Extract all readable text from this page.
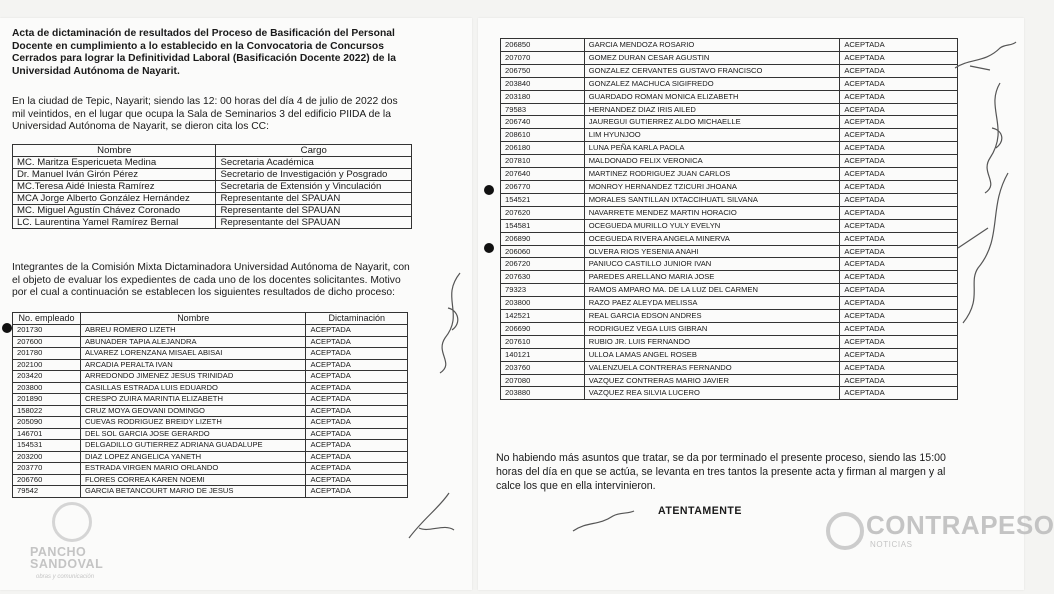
Acta de dictaminación de resultados del Proceso de Basificación del Personal Docente en cumplimiento a lo establecido en la Convocatoria de Concursos Cerrados para lograr la Definitividad Laboral (Basificación Docente 2022) de la Universidad Autónoma de Nayarit.

En la ciudad de Tepic, Nayarit; siendo las 12: 00 horas del día 4 de julio de 2022 dos mil veintidos, en el lugar que ocupa la Sala de Seminarios 3 del edificio PIIDA de la Universidad Autónoma de Nayarit, se dieron cita los CC:

Nombre	Cargo
MC. Maritza Espericueta Medina	Secretaria Académica
Dr. Manuel Iván Girón Pérez	Secretario de Investigación y Posgrado
MC.Teresa Aidé Iniesta Ramírez	Secretaria de Extensión y Vinculación
MCA Jorge Alberto González Hernández	Representante del SPAUAN
MC. Miguel Agustín Chávez Coronado	Representante del SPAUAN
LC. Laurentina Yamel Ramírez Bernal	Representante del SPAUAN

Integrantes de la Comisión Mixta Dictaminadora Universidad Autónoma de Nayarit, con el objeto de evaluar los expedientes de cada uno de los docentes solicitantes. Motivo por el cual a continuación se establecen los siguientes resultados de dicho proceso:

No. empleado	Nombre	Dictaminación
201730	ABREU ROMERO LIZETH	ACEPTADA
207600	ABUNADER TAPIA ALEJANDRA	ACEPTADA
201780	ALVAREZ LORENZANA MISAEL ABISAI	ACEPTADA
202100	ARCADIA PERALTA IVAN	ACEPTADA
203420	ARREDONDO JIMENEZ JESUS TRINIDAD	ACEPTADA
203800	CASILLAS ESTRADA LUIS EDUARDO	ACEPTADA
201890	CRESPO ZUIRA MARINTIA ELIZABETH	ACEPTADA
158022	CRUZ MOYA GEOVANI DOMINGO	ACEPTADA
205090	CUEVAS RODRIGUEZ BREIDY LIZETH	ACEPTADA
146701	DEL SOL GARCIA JOSE GERARDO	ACEPTADA
154531	DELGADILLO GUTIERREZ ADRIANA GUADALUPE	ACEPTADA
203200	DIAZ LOPEZ ANGELICA YANETH	ACEPTADA
203770	ESTRADA VIRGEN MARIO ORLANDO	ACEPTADA
206760	FLORES CORREA KAREN NOEMI	ACEPTADA
79542	GARCIA BETANCOURT MARIO DE JESUS	ACEPTADA
PANCHO
SANDOVAL
obras y comunicación
206850	GARCIA MENDOZA ROSARIO	ACEPTADA
207070	GOMEZ DURAN CESAR AGUSTIN	ACEPTADA
206750	GONZALEZ CERVANTES GUSTAVO FRANCISCO	ACEPTADA
203840	GONZALEZ MACHUCA SIGIFREDO	ACEPTADA
203180	GUARDADO ROMAN MONICA ELIZABETH	ACEPTADA
79583	HERNANDEZ DIAZ IRIS AILED	ACEPTADA
206740	JAUREGUI GUTIERREZ ALDO MICHAELLE	ACEPTADA
208610	LIM HYUNJOO	ACEPTADA
206180	LUNA PEÑA KARLA PAOLA	ACEPTADA
207810	MALDONADO FELIX VERONICA	ACEPTADA
207640	MARTINEZ RODRIGUEZ JUAN CARLOS	ACEPTADA
206770	MONROY HERNANDEZ TZICURI JHOANA	ACEPTADA
154521	MORALES SANTILLAN IXTACCIHUATL SILVANA	ACEPTADA
207620	NAVARRETE MENDEZ MARTIN HORACIO	ACEPTADA
154581	OCEGUEDA MURILLO YULY EVELYN	ACEPTADA
206890	OCEGUEDA RIVERA ANGELA MINERVA	ACEPTADA
206060	OLVERA RIOS YESENIA ANAHI	ACEPTADA
206720	PANIUCO CASTILLO JUNIOR IVAN	ACEPTADA
207630	PAREDES ARELLANO MARIA JOSE	ACEPTADA
79323	RAMOS AMPARO MA. DE LA LUZ DEL CARMEN	ACEPTADA
203800	RAZO PAEZ ALEYDA MELISSA	ACEPTADA
142521	REAL GARCIA EDSON ANDRES	ACEPTADA
206690	RODRIGUEZ VEGA LUIS GIBRAN	ACEPTADA
207610	RUBIO JR. LUIS FERNANDO	ACEPTADA
140121	ULLOA LAMAS ANGEL ROSEB	ACEPTADA
203760	VALENZUELA CONTRERAS FERNANDO	ACEPTADA
207080	VAZQUEZ CONTRERAS MARIO JAVIER	ACEPTADA
203880	VAZQUEZ REA SILVIA LUCERO	ACEPTADA

No habiendo más asuntos que tratar, se da por terminado el presente proceso, siendo las 15:00 horas del día en que se actúa, se levanta en tres tantos la presente acta y firman al margen y al calce los que en ella intervinieron.

ATENTAMENTE	CONTRAPESO
NOTICIAS
